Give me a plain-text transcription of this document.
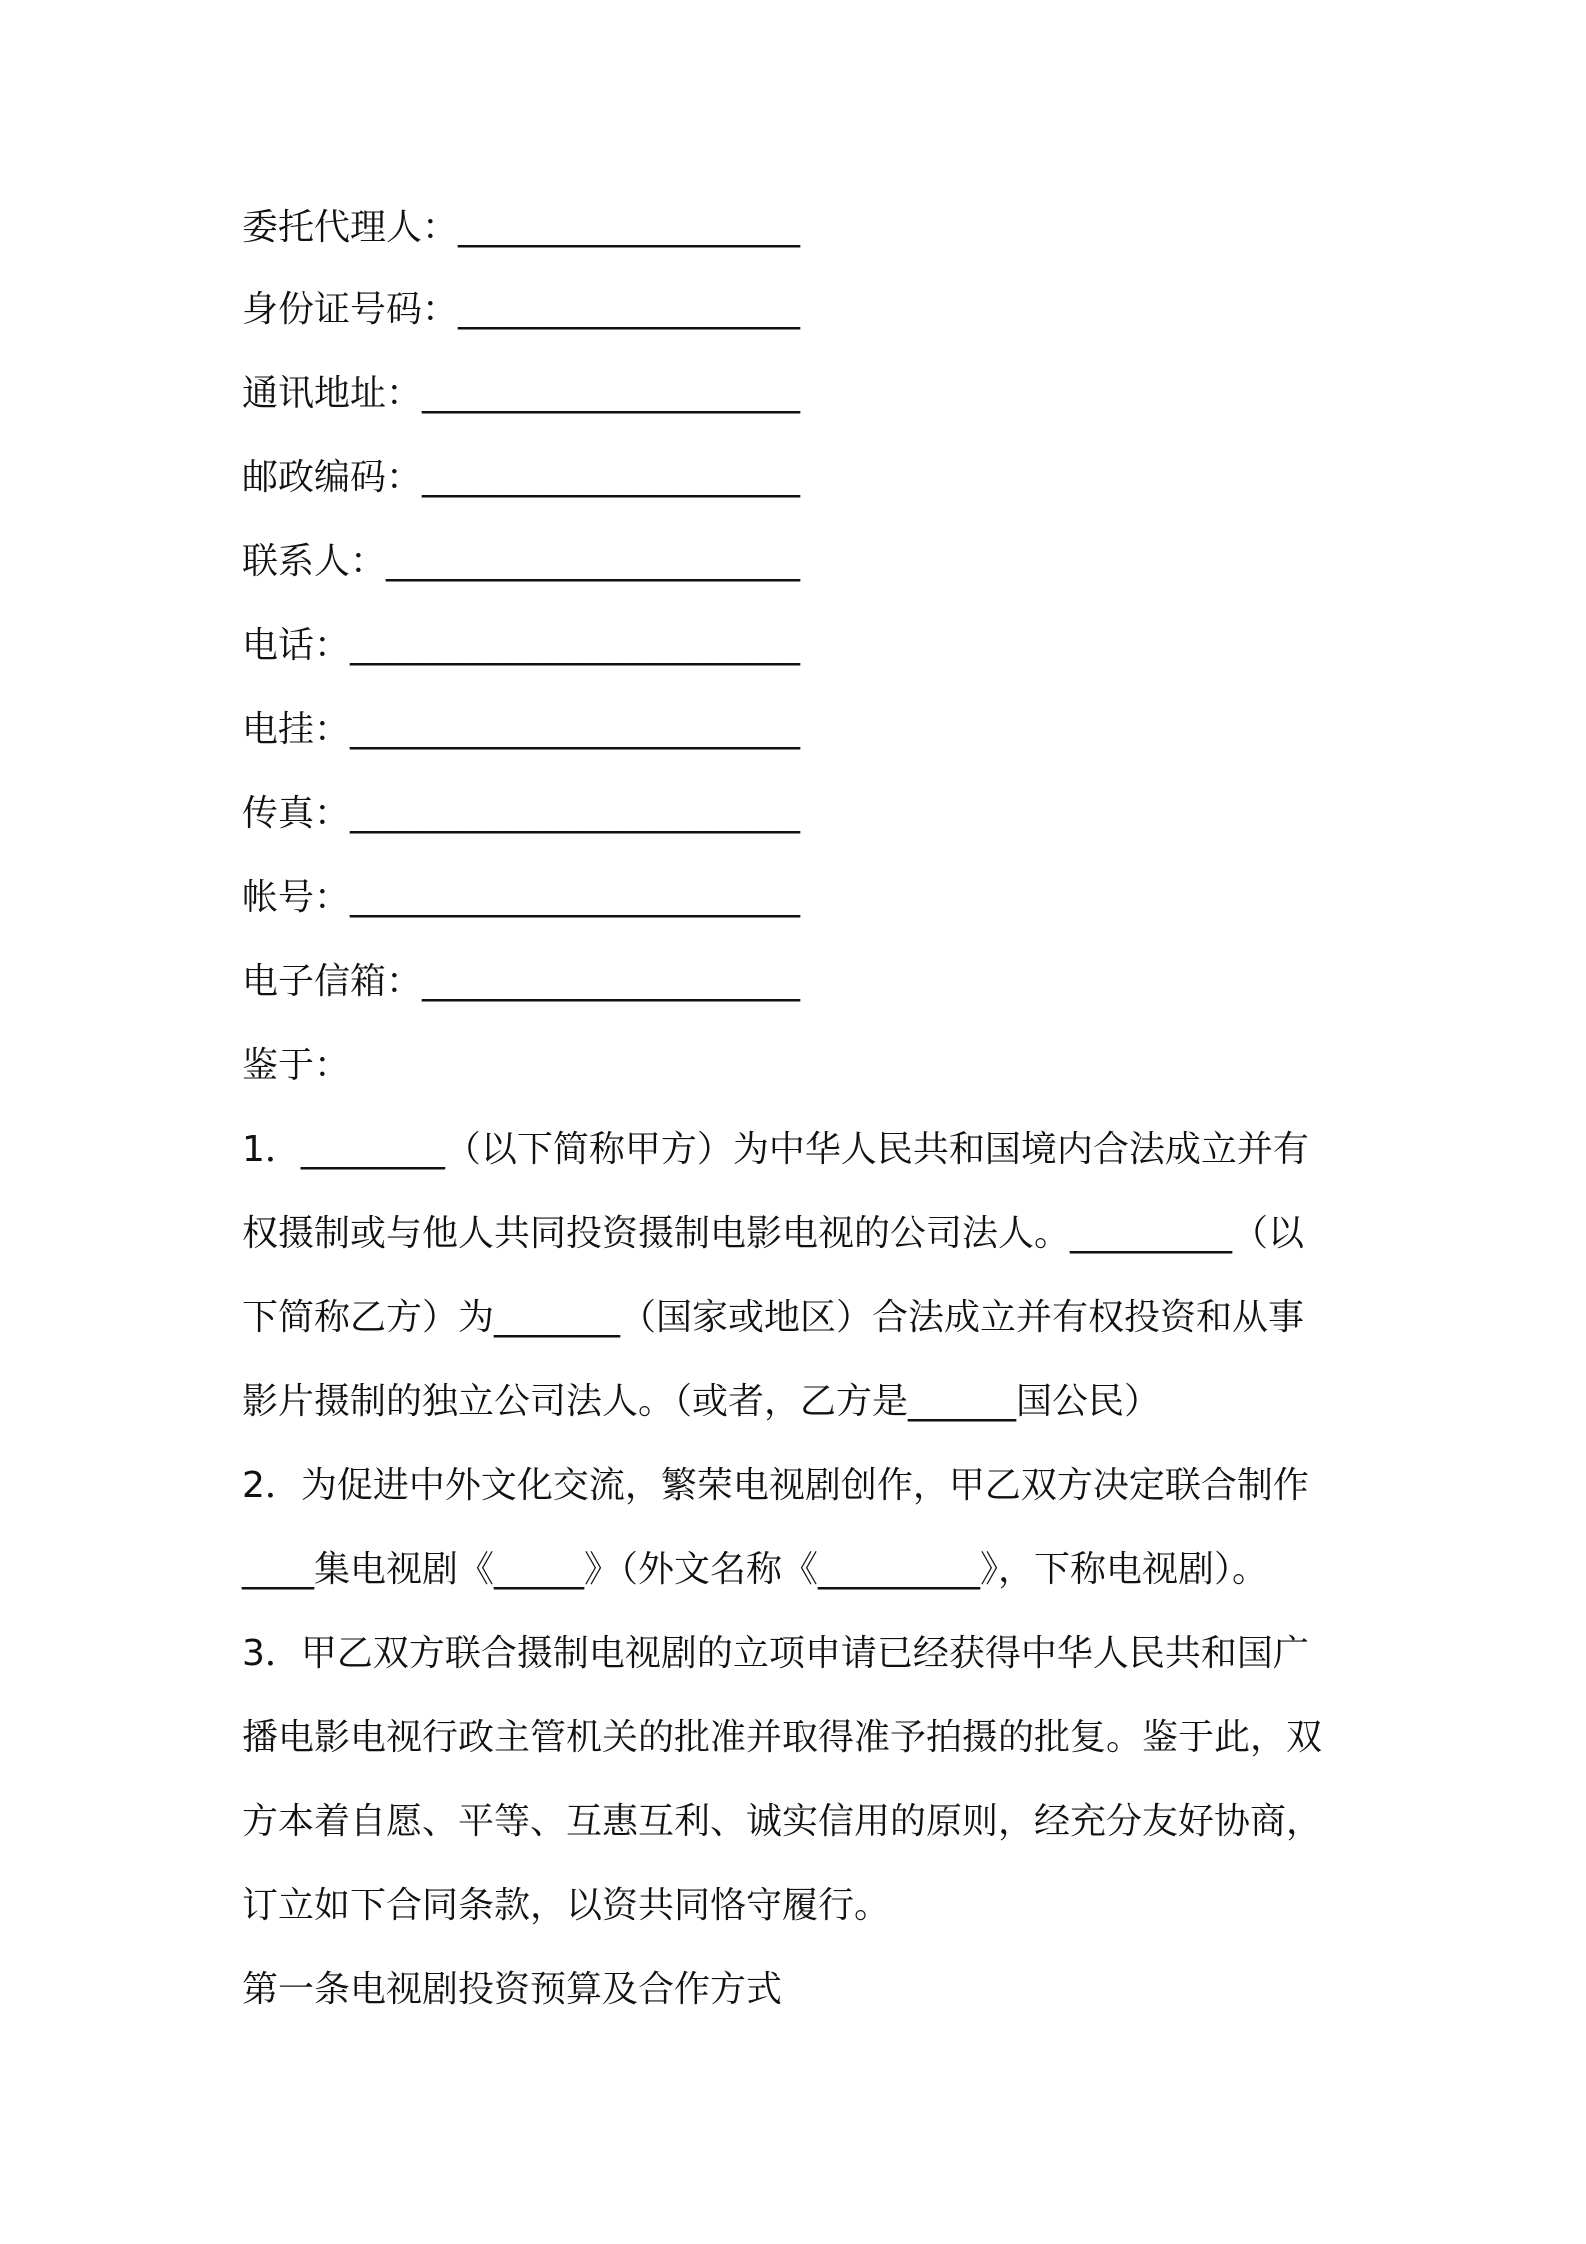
委托代理人：___________________
身份证号码：___________________
通讯地址：_____________________
邮政编码：_____________________
联系人：_______________________
电话：_________________________
电挂：_________________________
传真：_________________________
帐号：_________________________
电子信箱：_____________________
鉴于：
1．________（以下简称甲方）为中华人民共和国境内合法成立并有
权摄制或与他人共同投资摄制电影电视的公司法人。_________（以
下简称乙方）为_______（国家或地区）合法成立并有权投资和从事
影片摄制的独立公司法人。（或者，乙方是______国公民）
2．为促进中外文化交流，繁荣电视剧创作，甲乙双方决定联合制作
____集电视剧《_____》（外文名称《_________》，下称电视剧）。
3．甲乙双方联合摄制电视剧的立项申请已经获得中华人民共和国广
播电影电视行政主管机关的批准并取得准予拍摄的批复。鉴于此，双
方本着自愿、平等、互惠互利、诚实信用的原则，经充分友好协商，
订立如下合同条款，以资共同恪守履行。
第一条电视剧投资预算及合作方式
